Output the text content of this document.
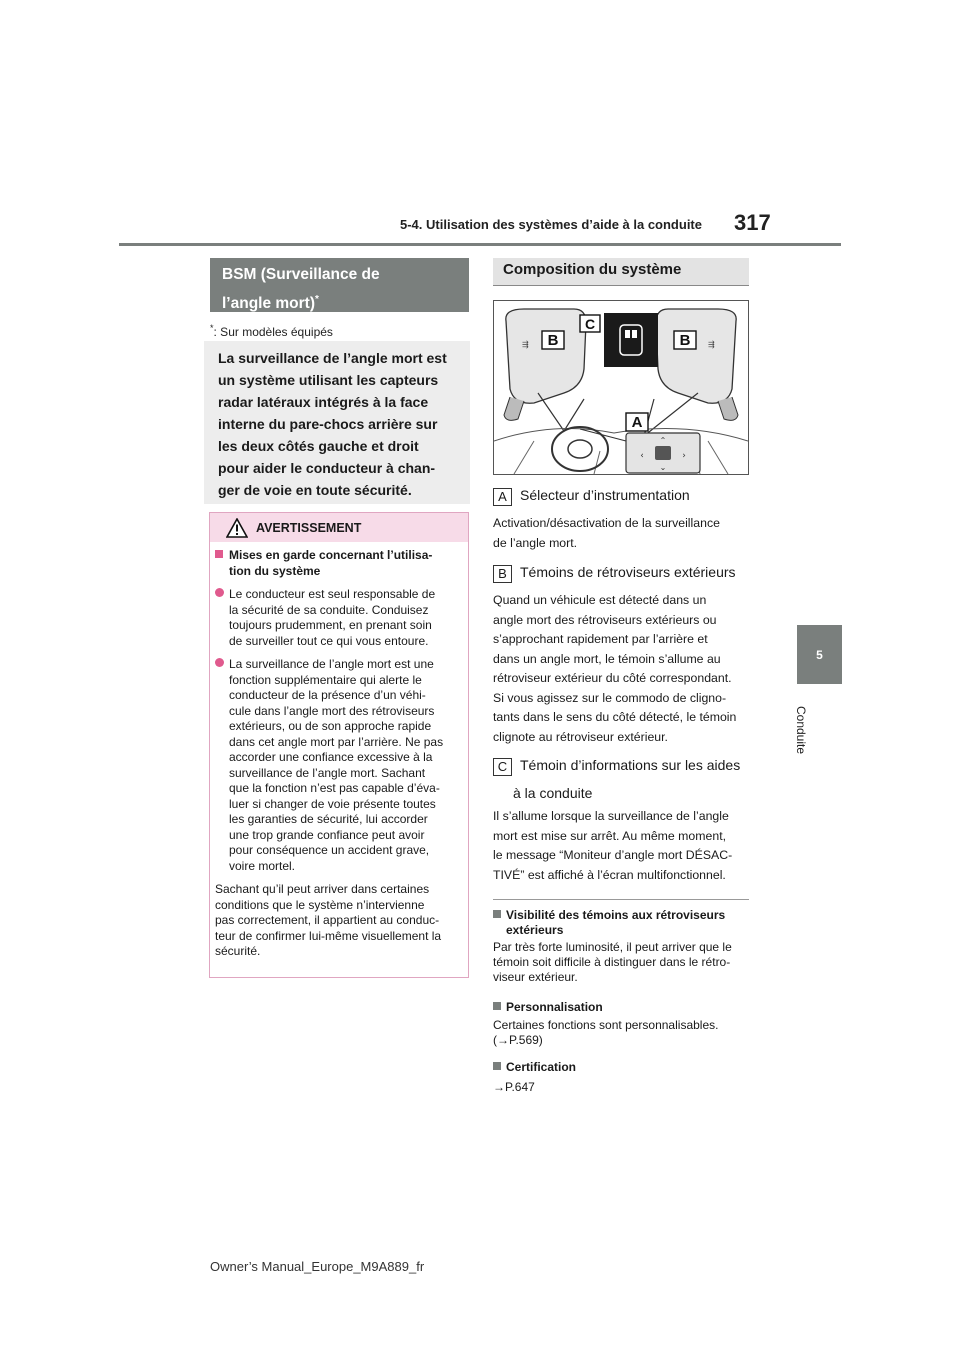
5-4. Utilisation des systèmes d’aide à la conduite 317
5
Conduite
BSM (Surveillance de
l’angle mort)*
*: Sur modèles équipés
La surveillance de l’angle mort est
un système utilisant les capteurs
radar latéraux intégrés à la face
interne du pare-chocs arrière sur
les deux côtés gauche et droit
pour aider le conducteur à chan-
ger de voie en toute sécurité.
AVERTISSEMENT
Mises en garde concernant l’utilisa-
tion du système
Le conducteur est seul responsable de
la sécurité de sa conduite. Conduisez
toujours prudemment, en prenant soin
de surveiller tout ce qui vous entoure.
La surveillance de l’angle mort est une
fonction supplémentaire qui alerte le
conducteur de la présence d’un véhi-
cule dans l’angle mort des rétroviseurs
extérieurs, ou de son approche rapide
dans cet angle mort par l’arrière. Ne pas
accorder une confiance excessive à la
surveillance de l’angle mort. Sachant
que la fonction n’est pas capable d’éva-
luer si changer de voie présente toutes
les garanties de sécurité, lui accorder
une trop grande confiance peut avoir
pour conséquence un accident grave,
voire mortel.
Sachant qu’il peut arriver dans certaines
conditions que le système n’intervienne
pas correctement, il appartient au conduc-
teur de confirmer lui-même visuellement la
sécurité.
Composition du système
⇶	⇶
B	B
C
A
⌃
⌄
‹	›
A Sélecteur d’instrumentation
Activation/désactivation de la surveillance
de l’angle mort.
B Témoins de rétroviseurs extérieurs
Quand un véhicule est détecté dans un
angle mort des rétroviseurs extérieurs ou
s’approchant rapidement par l’arrière et
dans un angle mort, le témoin s’allume au
rétroviseur extérieur du côté correspondant.
Si vous agissez sur le commodo de cligno-
tants dans le sens du côté détecté, le témoin
clignote au rétroviseur extérieur.
C Témoin d’informations sur les aides
à la conduite
Il s’allume lorsque la surveillance de l’angle
mort est mise sur arrêt. Au même moment,
le message “Moniteur d’angle mort DÉSAC-
TIVÉ” est affiché à l’écran multifonctionnel.
Visibilité des témoins aux rétroviseurs
extérieurs
Par très forte luminosité, il peut arriver que le
témoin soit difficile à distinguer dans le rétro-
viseur extérieur.
Personnalisation
Certaines fonctions sont personnalisables.
(→P.569)
Certification
→P.647
Owner’s Manual_Europe_M9A889_fr
